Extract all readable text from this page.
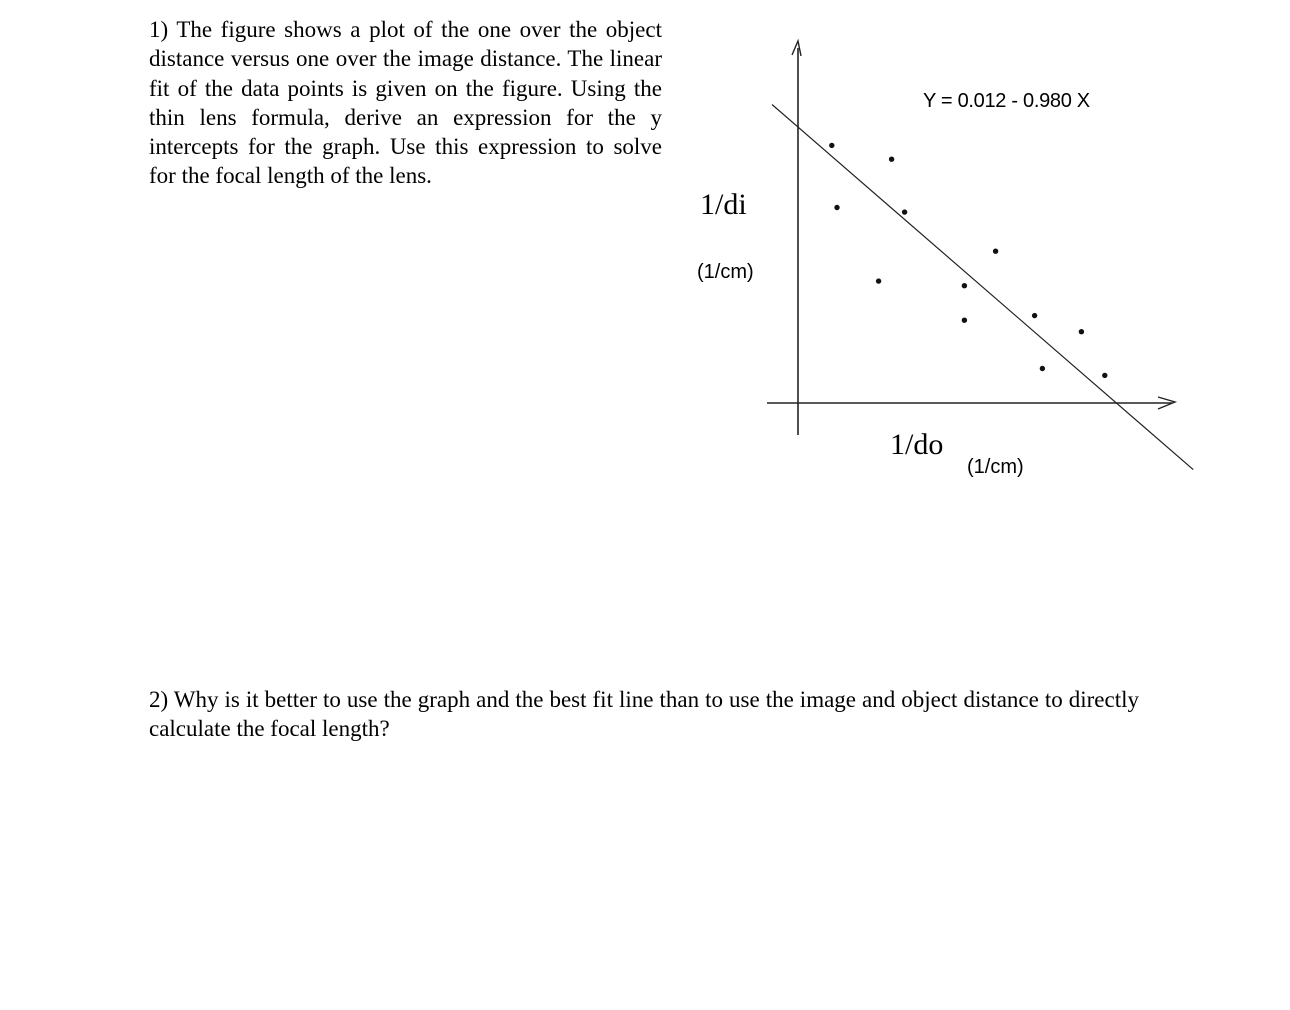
1) The figure shows a plot of the one over the object distance versus one over the image distance. The linear fit of the data points is given on the figure. Using the thin lens formula, derive an expression for the y intercepts for the graph. Use this expression to solve for the focal length of the lens.

Y = 0.012 - 0.980 X
1/di
(1/cm)
1/do
(1/cm)

2) Why is it better to use the graph and the best fit line than to use the image and object distance to directly calculate the focal length?
